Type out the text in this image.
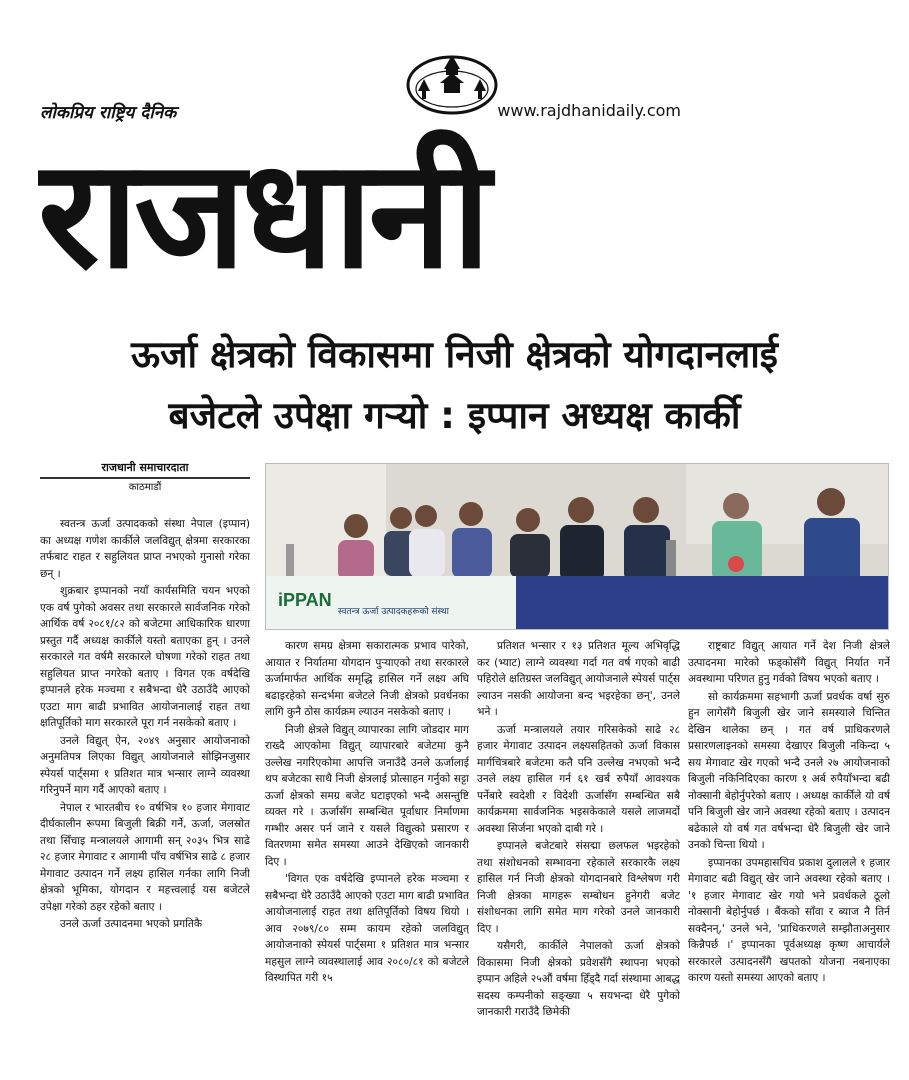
लोकप्रिय राष्ट्रिय दैनिक	www.rajdhanidaily.com
राजधानी
ऊर्जा क्षेत्रको विकासमा निजी क्षेत्रको योगदानलाई
बजेटले उपेक्षा गर्‍यो : इप्पान अध्यक्ष कार्की
राजधानी समाचारदाता
काठमाडौं
iPPAN
स्वतन्त्र ऊर्जा उत्पादकहरूको संस्था

स्वतन्त्र ऊर्जा उत्पादकको संस्था नेपाल (इप्पान) का अध्यक्ष गणेश कार्कीले जलविद्युत् क्षेत्रमा सरकारका तर्फबाट राहत र सहुलियत प्राप्त नभएको गुनासो गरेका छन् ।

शुक्रबार इप्पानको नयाँ कार्यसमिति चयन भएको एक वर्ष पुगेको अवसर तथा सरकारले सार्वजनिक गरेको आर्थिक वर्ष २०८१/८२ को बजेटमा आधिकारिक धारणा प्रस्तुत गर्दै अध्यक्ष कार्कीले यस्तो बताएका हुन् । उनले सरकारले गत वर्षमै सरकारले घोषणा गरेको राहत तथा सहुलियत प्राप्त नगरेको बताए । विगत एक वर्षदेखि इप्पानले हरेक मञ्चमा र सबैभन्दा धेरै उठाउँदै आएको एउटा माग बाढी प्रभावित आयोजनालाई राहत तथा क्षतिपूर्तिको माग सरकारले पूरा गर्न नसकेको बताए ।

उनले विद्युत् ऐन, २०४९ अनुसार आयोजनाको अनुमतिपत्र लिएका विद्युत् आयोजनाले सोझिनजुसार स्पेयर्स पार्ट्समा १ प्रतिशत मात्र भन्सार लाग्ने व्यवस्था गरिनुपर्ने माग गर्दै आएको बताए ।

नेपाल र भारतबीच १० वर्षभित्र १० हजार मेगावाट दीर्घकालीन रूपमा बिजुली बिक्री गर्ने, ऊर्जा, जलस्रोत तथा सिँचाइ मन्त्रालयले आगामी सन् २०३५ भित्र साढे २८ हजार मेगावाट र आगामी पाँच वर्षभित्र साढे ८ हजार मेगावाट उत्पादन गर्ने लक्ष्य हासिल गर्नका लागि निजी क्षेत्रको भूमिका, योगदान र महत्त्वलाई यस बजेटले उपेक्षा गरेको ठहर रहेको बताए ।

उनले ऊर्जा उत्पादनमा भएको प्रगतिकै

कारण समग्र क्षेत्रमा सकारात्मक प्रभाव पारेको, आयात र निर्यातमा योगदान पुर्‍याएको तथा सरकारले ऊर्जामार्फत आर्थिक समृद्धि हासिल गर्ने लक्ष्य अघि बढाइरहेको सन्दर्भमा बजेटले निजी क्षेत्रको प्रवर्धनका लागि कुनै ठोस कार्यक्रम ल्याउन नसकेको बताए ।

निजी क्षेत्रले विद्युत् व्यापारका लागि जोडदार माग राख्दै आएकोमा विद्युत् व्यापारबारे बजेटमा कुनै उल्लेख नगरिएकोमा आपत्ति जनाउँदै उनले ऊर्जालाई थप बजेटका साथै निजी क्षेत्रलाई प्रोत्साहन गर्नुको सट्टा ऊर्जा क्षेत्रको समग्र बजेट घटाइएको भन्दै असन्तुष्टि व्यक्त गरे । ऊर्जासँग सम्बन्धित पूर्वाधार निर्माणमा गम्भीर असर पर्न जाने र यसले विद्युत्को प्रसारण र वितरणमा समेत समस्या आउने देखिएको जानकारी दिए ।

'विगत एक वर्षदेखि इप्पानले हरेक मञ्चमा र सबैभन्दा धेरै उठाउँदै आएको एउटा माग बाढी प्रभावित आयोजनालाई राहत तथा क्षतिपूर्तिको विषय थियो । आव २०७९/८० सम्म कायम रहेको जलविद्युत् आयोजनाको स्पेयर्स पार्ट्समा १ प्रतिशत मात्र भन्सार महसुल लाग्ने व्यवस्थालाई आव २०८०/८१ को बजेटले विस्थापित गरी १५

प्रतिशत भन्सार र १३ प्रतिशत मूल्य अभिवृद्धि कर (भ्याट) लाग्ने व्यवस्था गर्दा गत वर्ष गएको बाढी पहिरोले क्षतिग्रस्त जलविद्युत् आयोजनाले स्पेयर्स पार्ट्स ल्याउन नसकी आयोजना बन्द भइरहेका छन्', उनले भने ।

ऊर्जा मन्त्रालयले तयार गरिसकेको साढे २८ हजार मेगावाट उत्पादन लक्ष्यसहितको ऊर्जा विकास मार्गचित्रबारे बजेटमा कतै पनि उल्लेख नभएको भन्दै उनले लक्ष्य हासिल गर्न ६१ खर्ब रुपैयाँ आवश्यक पर्नेबारे स्वदेशी र विदेशी ऊर्जासँग सम्बन्धित सबै कार्यक्रममा सार्वजनिक भइसकेकाले यसले लाजमर्दो अवस्था सिर्जना भएको दाबी गरे ।

इप्पानले बजेटबारे संसद्मा छलफल भइरहेको तथा संशोधनको सम्भावना रहेकाले सरकारकै लक्ष्य हासिल गर्न निजी क्षेत्रको योगदानबारे विश्लेषण गरी निजी क्षेत्रका मागहरू सम्बोधन हुनेगरी बजेट संशोधनका लागि समेत माग गरेको उनले जानकारी दिए ।

यसैगरी, कार्कीले नेपालको ऊर्जा क्षेत्रको विकासमा निजी क्षेत्रको प्रवेशसँगै स्थापना भएको इप्पान अहिले २५औं वर्षमा हिँड्दै गर्दा संस्थामा आबद्ध सदस्य कम्पनीको सङ्ख्या ५ सयभन्दा धेरै पुगेको जानकारी गराउँदै छिमेकी

राष्ट्रबाट विद्युत् आयात गर्ने देश निजी क्षेत्रले उत्पादनमा मारेको फड्कोसँगै विद्युत् निर्यात गर्ने अवस्थामा परिणत हुनु गर्वको विषय भएको बताए ।

सो कार्यक्रममा सहभागी ऊर्जा प्रवर्धक वर्षा सुरु हुन लागेसँगै बिजुली खेर जाने समस्याले चिन्तित देखिन थालेका छन् । गत वर्ष प्राधिकरणले प्रसारणलाइनको समस्या देखाएर बिजुली नकिन्दा ५ सय मेगावाट खेर गएको भन्दै उनले २७ आयोजनाको बिजुली नकिनिदिएका कारण १ अर्ब रुपैयाँभन्दा बढी नोक्सानी बेहोर्नुपरेको बताए । अध्यक्ष कार्कीले यो वर्ष पनि बिजुली खेर जाने अवस्था रहेको बताए । उत्पादन बढेकाले यो वर्ष गत वर्षभन्दा धेरै बिजुली खेर जाने उनको चिन्ता थियो ।

इप्पानका उपमहासचिव प्रकाश दुलालले १ हजार मेगावाट बढी विद्युत् खेर जाने अवस्था रहेको बताए । '१ हजार मेगावाट खेर गयो भने प्रवर्धकले ठूलो नोक्सानी बेहोर्नुपर्छ । बैंकको साँवा र ब्याज नै तिर्न सक्दैनन्,' उनले भने, 'प्राधिकरणले सम्झौताअनुसार किन्नैपर्छ ।' इप्पानका पूर्वअध्यक्ष कृष्ण आचार्यले सरकारले उत्पादनसँगै खपतको योजना नबनाएका कारण यस्तो समस्या आएको बताए ।
